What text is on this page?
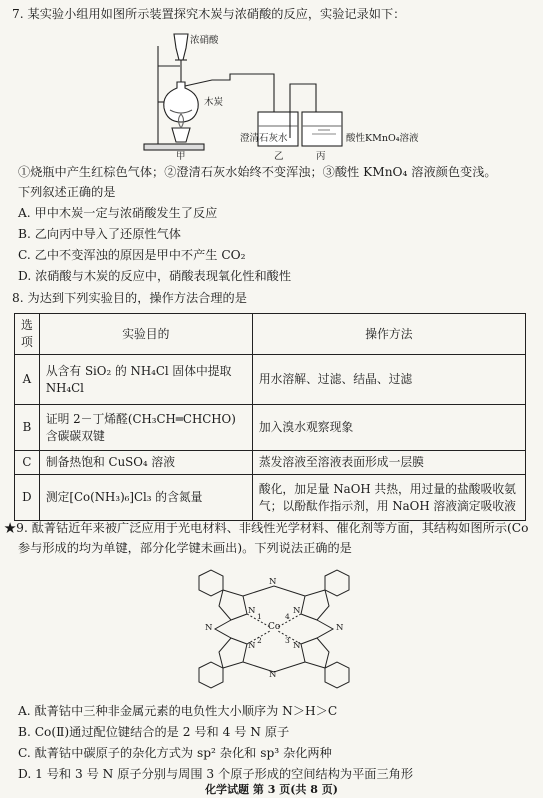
7. 某实验小组用如图所示装置探究木炭与浓硝酸的反应，实验记录如下：
浓硝酸
木炭
澄清石灰水	酸性KMnO₄溶液
甲	乙	丙
①烧瓶中产生红棕色气体；②澄清石灰水始终不变浑浊；③酸性 KMnO₄ 溶液颜色变浅。
下列叙述正确的是
A. 甲中木炭一定与浓硝酸发生了反应
B. 乙向丙中导入了还原性气体
C. 乙中不变浑浊的原因是甲中不产生 CO₂
D. 浓硝酸与木炭的反应中，硝酸表现氧化性和酸性
8. 为达到下列实验目的，操作方法合理的是
选项	实验目的	操作方法
A	从含有 SiO₂ 的 NH₄Cl 固体中提取 NH₄Cl	用水溶解、过滤、结晶、过滤
B	证明 2－丁烯醛(CH₃CH═CHCHO)含碳碳双键	加入溴水观察现象
C	制备热饱和 CuSO₄ 溶液	蒸发溶液至溶液表面形成一层膜
D	测定[Co(NH₃)₆]Cl₃ 的含氮量	酸化，加足量 NaOH 共热，用过量的盐酸吸收氨气；以酚酞作指示剂，用 NaOH 溶液滴定吸收液
★9. 酞菁钴近年来被广泛应用于光电材料、非线性光学材料、催化剂等方面，其结构如图所示(Co
参与形成的均为单键，部分化学键未画出)。下列说法正确的是
Co
N
N
N	N
N	N
N	N
1	4
2	3
A. 酞菁钴中三种非金属元素的电负性大小顺序为 N＞H＞C
B. Co(Ⅱ)通过配位键结合的是 2 号和 4 号 N 原子
C. 酞菁钴中碳原子的杂化方式为 sp² 杂化和 sp³ 杂化两种
D. 1 号和 3 号 N 原子分别与周围 3 个原子形成的空间结构为平面三角形
化学试题 第 3 页(共 8 页)
